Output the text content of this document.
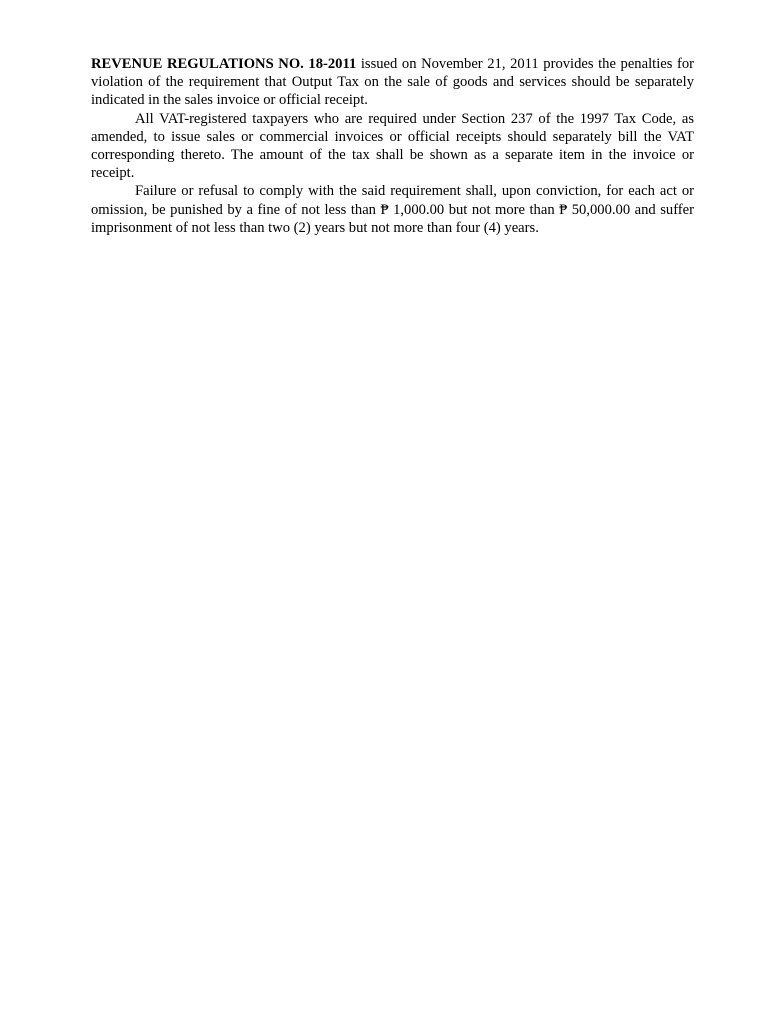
REVENUE REGULATIONS NO. 18-2011 issued on November 21, 2011 provides the penalties for violation of the requirement that Output Tax on the sale of goods and services should be separately indicated in the sales invoice or official receipt.

All VAT-registered taxpayers who are required under Section 237 of the 1997 Tax Code, as amended, to issue sales or commercial invoices or official receipts should separately bill the VAT corresponding thereto. The amount of the tax shall be shown as a separate item in the invoice or receipt.

Failure or refusal to comply with the said requirement shall, upon conviction, for each act or omission, be punished by a fine of not less than ₱ 1,000.00 but not more than ₱ 50,000.00 and suffer imprisonment of not less than two (2) years but not more than four (4) years.
